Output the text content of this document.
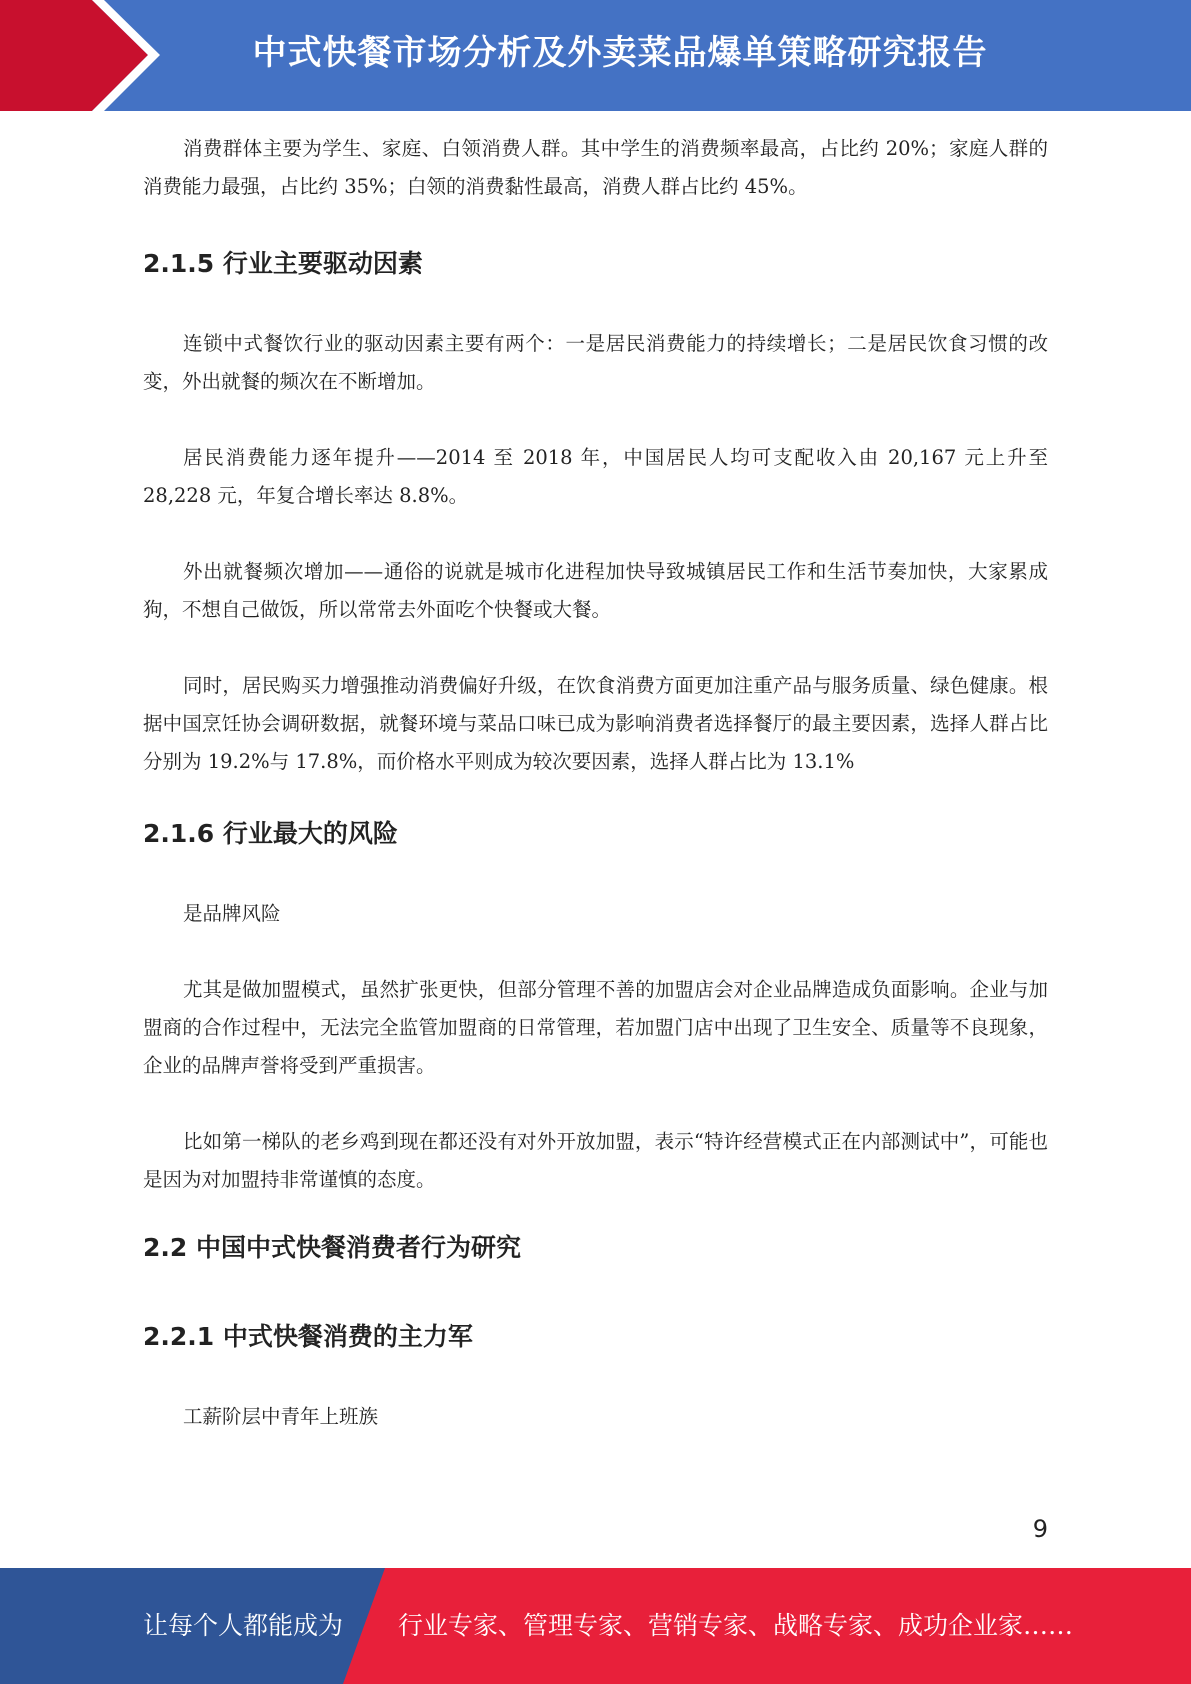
中式快餐市场分析及外卖菜品爆单策略研究报告

消费群体主要为学生、家庭、白领消费人群。其中学生的消费频率最高，占比约 20%；家庭人群的消费能力最强，占比约 35%；白领的消费黏性最高，消费人群占比约 45%。

2.1.5 行业主要驱动因素

连锁中式餐饮行业的驱动因素主要有两个：一是居民消费能力的持续增长；二是居民饮食习惯的改变，外出就餐的频次在不断增加。

居民消费能力逐年提升——2014 至 2018 年，中国居民人均可支配收入由 20,167 元上升至 28,228 元，年复合增长率达 8.8%。

外出就餐频次增加——通俗的说就是城市化进程加快导致城镇居民工作和生活节奏加快，大家累成狗，不想自己做饭，所以常常去外面吃个快餐或大餐。

同时，居民购买力增强推动消费偏好升级，在饮食消费方面更加注重产品与服务质量、绿色健康。根据中国烹饪协会调研数据，就餐环境与菜品口味已成为影响消费者选择餐厅的最主要因素，选择人群占比分别为 19.2%与 17.8%，而价格水平则成为较次要因素，选择人群占比为 13.1%

2.1.6 行业最大的风险

是品牌风险

尤其是做加盟模式，虽然扩张更快，但部分管理不善的加盟店会对企业品牌造成负面影响。企业与加盟商的合作过程中，无法完全监管加盟商的日常管理，若加盟门店中出现了卫生安全、质量等不良现象，企业的品牌声誉将受到严重损害。

比如第一梯队的老乡鸡到现在都还没有对外开放加盟，表示“特许经营模式正在内部测试中”，可能也是因为对加盟持非常谨慎的态度。

2.2 中国中式快餐消费者行为研究
2.2.1 中式快餐消费的主力军

工薪阶层中青年上班族

9
让每个人都能成为 行业专家、管理专家、营销专家、战略专家、成功企业家……
